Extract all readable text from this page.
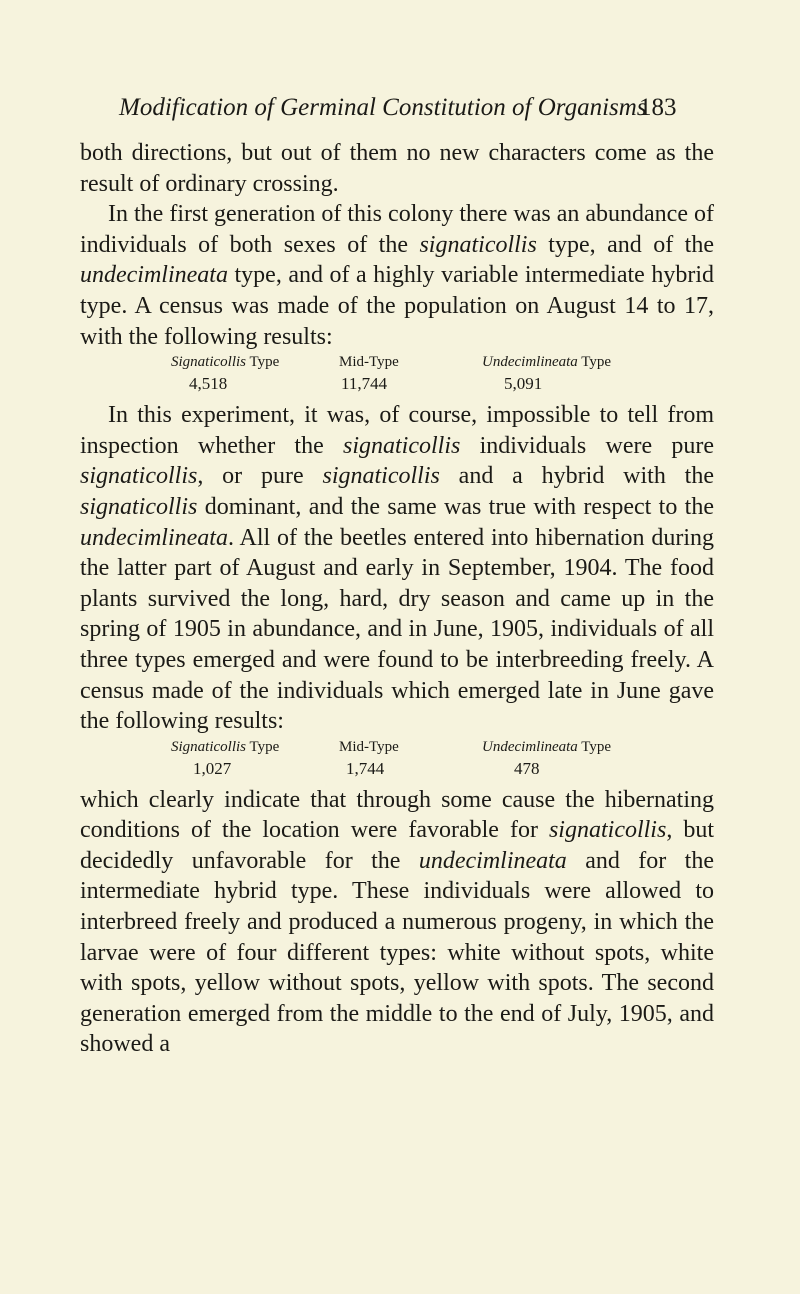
Modification of Germinal Constitution of Organisms
183

both directions, but out of them no new characters come as the result of ordinary crossing.

In the first generation of this colony there was an abundance of individuals of both sexes of the signaticollis type, and of the undecimlineata type, and of a highly variable intermediate hybrid type. A census was made of the population on August 14 to 17, with the following results:

Signaticollis Type	Mid-Type	Undecimlineata Type
4,518	11,744	5,091

In this experiment, it was, of course, impossible to tell from inspection whether the signaticollis individuals were pure signaticollis, or pure signaticollis and a hybrid with the signaticollis dominant, and the same was true with respect to the undecimlineata. All of the beetles entered into hibernation during the latter part of August and early in September, 1904. The food plants survived the long, hard, dry season and came up in the spring of 1905 in abundance, and in June, 1905, individuals of all three types emerged and were found to be interbreeding freely. A census made of the individuals which emerged late in June gave the following results:

Signaticollis Type	Mid-Type	Undecimlineata Type
1,027	1,744	478

which clearly indicate that through some cause the hibernating conditions of the location were favorable for signaticollis, but decidedly unfavorable for the undecimlineata and for the intermediate hybrid type. These individuals were allowed to interbreed freely and produced a numerous progeny, in which the larvae were of four different types: white without spots, white with spots, yellow without spots, yellow with spots. The second generation emerged from the middle to the end of July, 1905, and showed a
